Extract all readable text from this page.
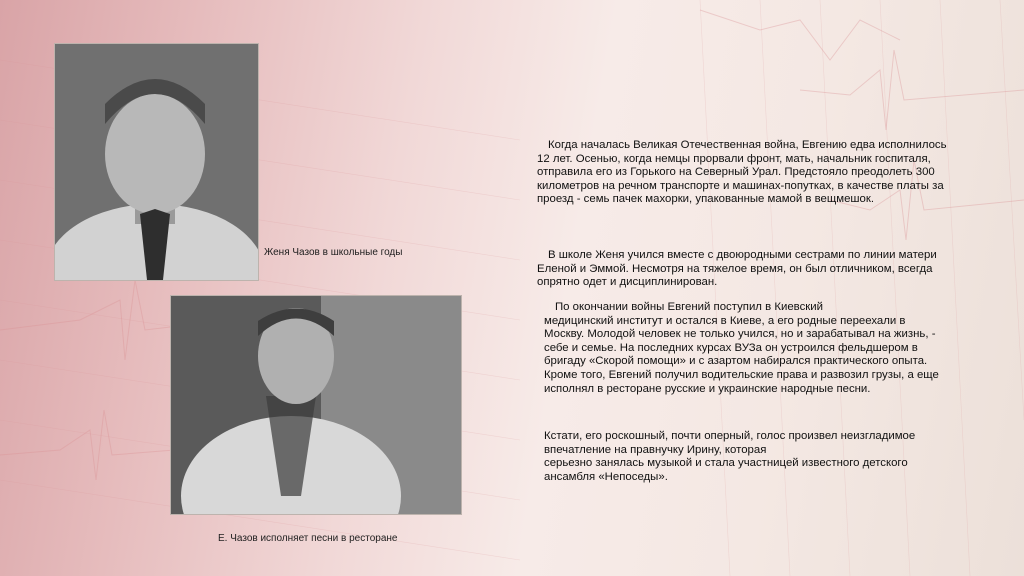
Женя Чазов в школьные годы
Е. Чазов исполняет песни в ресторане

Когда началась Великая Отечественная война, Евгению едва исполнилось 12 лет. Осенью, когда немцы прорвали фронт, мать, начальник госпиталя, отправила его из Горького на Северный Урал. Предстояло преодолеть 300 километров на речном транспорте и машинах-попутках, в качестве платы за проезд - семь пачек махорки, упакованные мамой в вещмешок.

В школе Женя учился вместе с двоюродными сестрами по линии матери Еленой и Эммой. Несмотря на тяжелое время, он был отличником, всегда опрятно одет и дисциплинирован.

По окончании войны Евгений поступил в Киевский

медицинский институт и остался в Киеве, а его родные переехали в Москву. Молодой человек не только учился, но и зарабатывал на жизнь, - себе и семье. На последних курсах ВУЗа он устроился фельдшером в бригаду «Скорой помощи» и с азартом набирался практического опыта. Кроме того, Евгений получил водительские права и развозил грузы, а еще исполнял в ресторане русские и украинские народные песни.

Кстати, его роскошный, почти оперный, голос произвел неизгладимое впечатление на правнучку Ирину, которая

серьезно занялась музыкой и стала участницей известного детского ансамбля «Непоседы».
